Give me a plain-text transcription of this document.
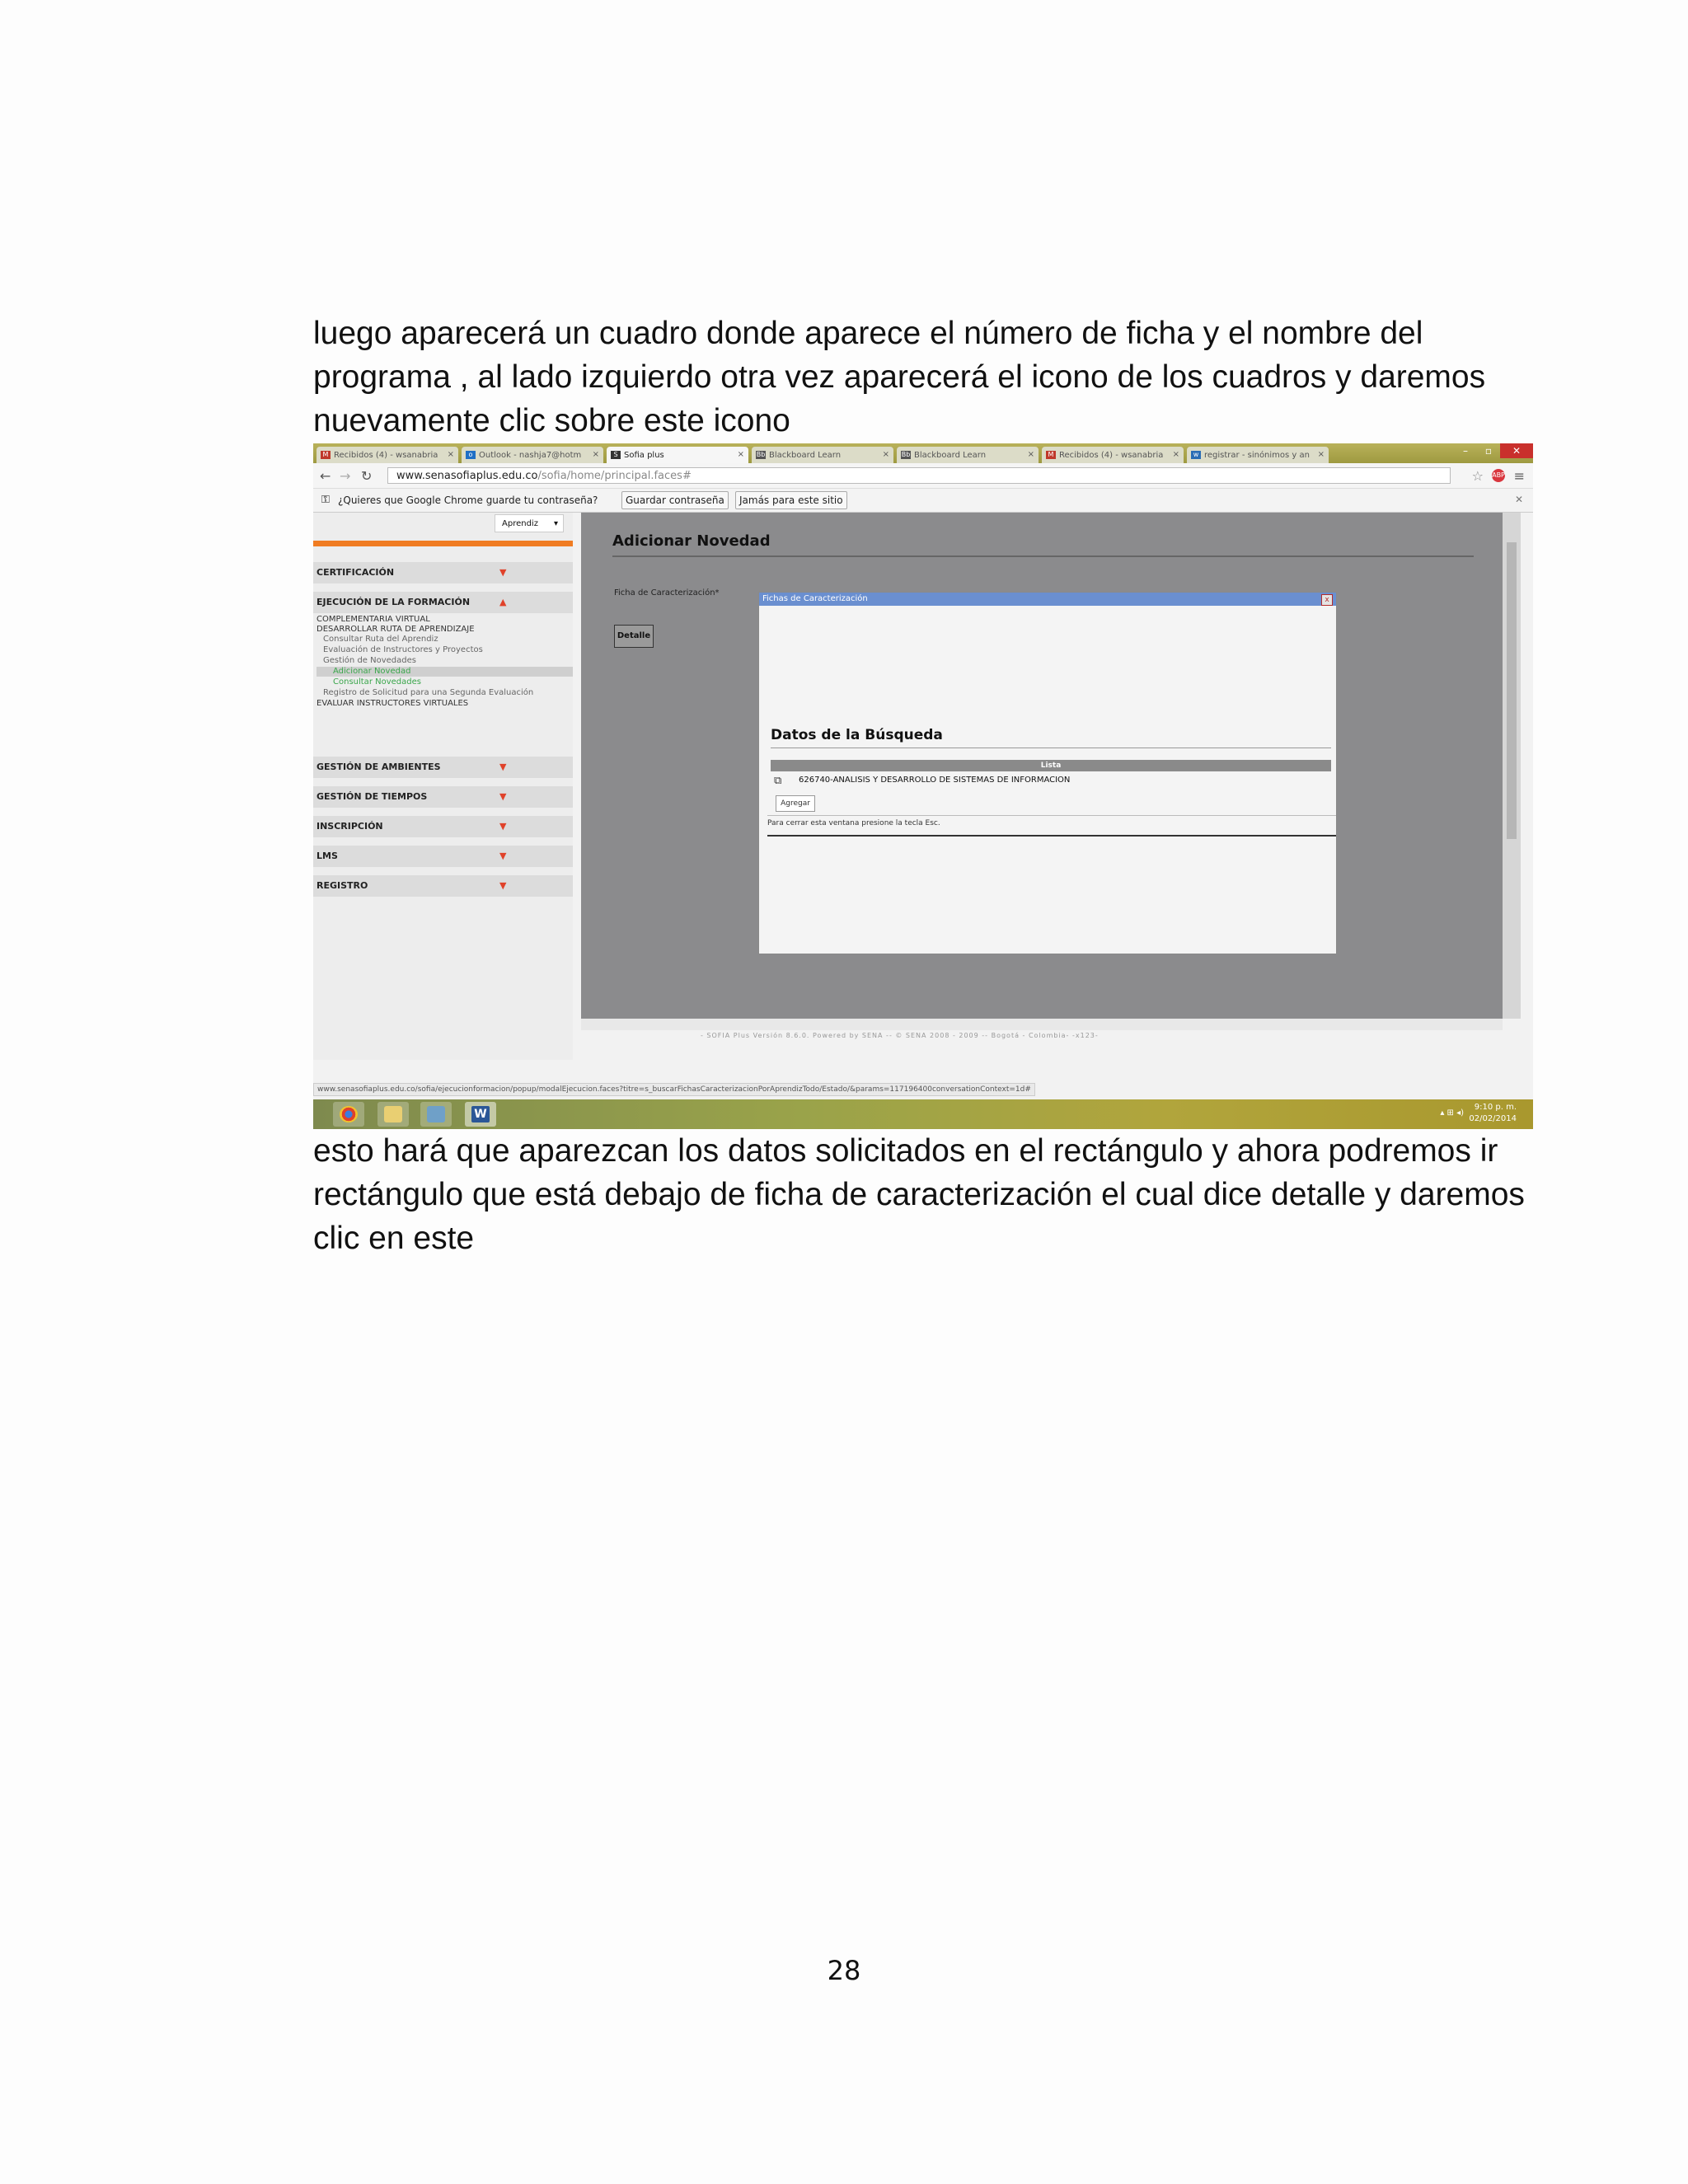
luego aparecerá un cuadro donde aparece el número de ficha y el nombre del programa , al lado izquierdo otra vez aparecerá el icono de los cuadros y daremos nuevamente clic sobre este icono
M Recibidos (4) - wsanabria ×	o Outlook - nashja7@hotm ×	S Sofia plus	× Bb Blackboard Learn	× Bb Blackboard Learn	×	M Recibidos (4) - wsanabria ×	w registrar - sinónimos y an ×	–	▫	✕
← → ↻	www.senasofiaplus.edu.co/sofia/home/principal.faces#	☆ ABP ≡
⚿ ¿Quieres que Google Chrome guarde tu contraseña?	Guardar contraseña	Jamás para este sitio	✕
Aprendiz ▾
CERTIFICACIÓN	▼
EJECUCIÓN DE LA FORMACIÓN	▲
COMPLEMENTARIA VIRTUAL
DESARROLLAR RUTA DE APRENDIZAJE
Consultar Ruta del Aprendiz
Evaluación de Instructores y Proyectos
Gestión de Novedades
Adicionar Novedad
Consultar Novedades
Registro de Solicitud para una Segunda Evaluación
EVALUAR INSTRUCTORES VIRTUALES
GESTIÓN DE AMBIENTES	▼
GESTIÓN DE TIEMPOS	▼
INSCRIPCIÓN	▼
LMS	▼
REGISTRO	▼
Adicionar Novedad
Ficha de Caracterización*
Detalle
- SOFIA Plus Versión 8.6.0. Powered by SENA -- © SENA 2008 - 2009 -- Bogotá - Colombia- -x123-
Fichas de Caracterización	x
Datos de la Búsqueda
Lista
⧉ 626740-ANALISIS Y DESARROLLO DE SISTEMAS DE INFORMACION
Agregar
Para cerrar esta ventana presione la tecla Esc.
www.senasofiaplus.edu.co/sofia/ejecucionformacion/popup/modalEjecucion.faces?titre=s_buscarFichasCaracterizacionPorAprendizTodo/Estado/&params=117196400conversationContext=1d#
W	▴ ⊞ ◂)
9:10 p. m.
02/02/2014
esto hará que aparezcan los datos solicitados en el rectángulo y ahora podremos ir rectángulo que está debajo de ficha de caracterización el cual dice detalle y daremos clic en este
28
